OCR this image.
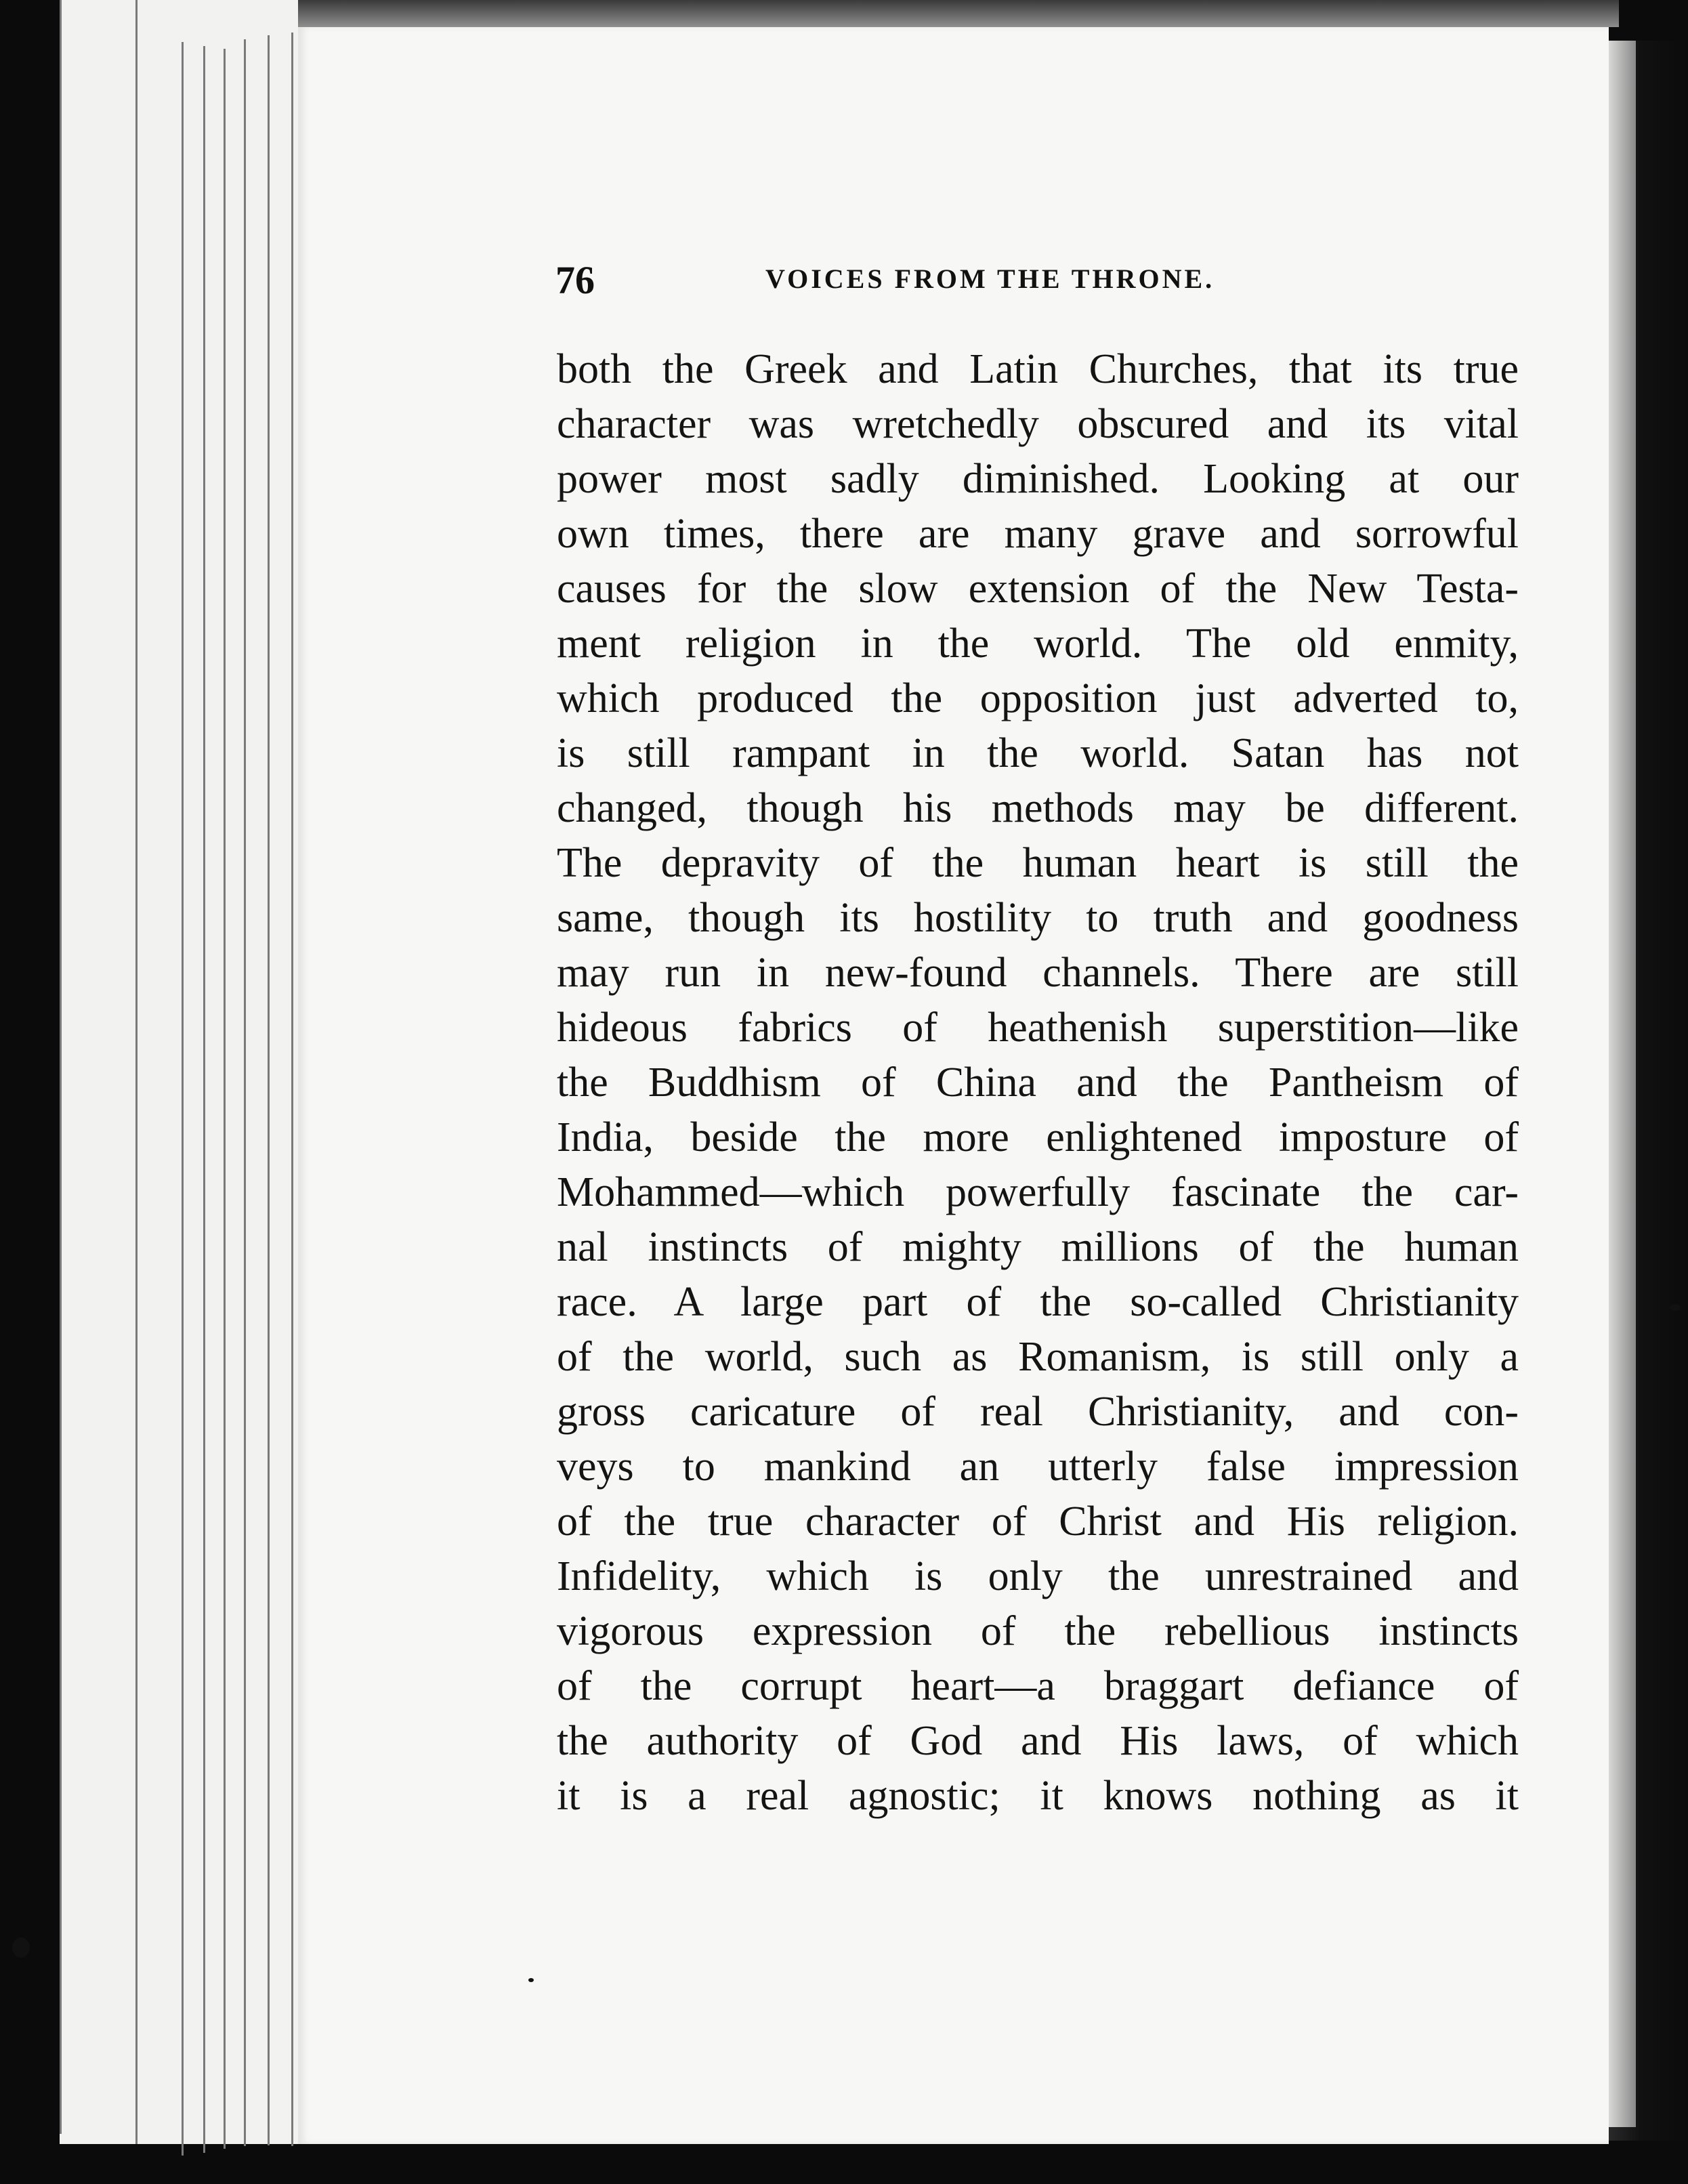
76	VOICES FROM THE THRONE.
both the Greek and Latin Churches, that its true
character was wretchedly obscured and its vital
power most sadly diminished. Looking at our
own times, there are many grave and sorrowful
causes for the slow extension of the New Testa-
ment religion in the world. The old enmity,
which produced the opposition just adverted to,
is still rampant in the world. Satan has not
changed, though his methods may be different.
The depravity of the human heart is still the
same, though its hostility to truth and goodness
may run in new-found channels. There are still
hideous fabrics of heathenish superstition—like
the Buddhism of China and the Pantheism of
India, beside the more enlightened imposture of
Mohammed—which powerfully fascinate the car-
nal instincts of mighty millions of the human
race. A large part of the so-called Christianity
of the world, such as Romanism, is still only a
gross caricature of real Christianity, and con-
veys to mankind an utterly false impression
of the true character of Christ and His religion.
Infidelity, which is only the unrestrained and
vigorous expression of the rebellious instincts
of the corrupt heart—a braggart defiance of
the authority of God and His laws, of which
it is a real agnostic; it knows nothing as it
